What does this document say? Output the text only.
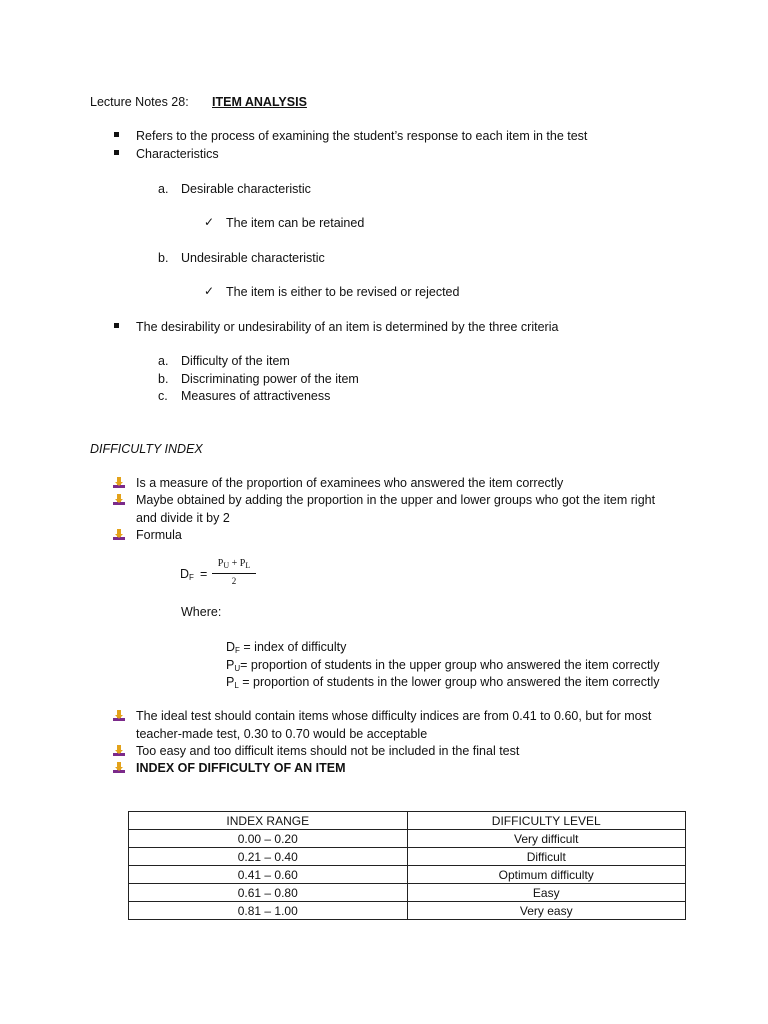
Lecture Notes 28: ITEM ANALYSIS
Refers to the process of examining the student’s response to each item in the test
Characteristics
a. Desirable characteristic
✓ The item can be retained
b. Undesirable characteristic
✓ The item is either to be revised or rejected
The desirability or undesirability of an item is determined by the three criteria
a. Difficulty of the item
b. Discriminating power of the item
c. Measures of attractiveness
DIFFICULTY INDEX
Is a measure of the proportion of examinees who answered the item correctly
Maybe obtained by adding the proportion in the upper and lower groups who got the item right
and divide it by 2
Formula
$D_F$ =
$P_U + P_L$
2
Where:
$D_F$ = index of difficulty
$P_U=$ proportion of students in the upper group who answered the item correctly
$P_L$ = proportion of students in the lower group who answered the item correctly
The ideal test should contain items whose difficulty indices are from 0.41 to 0.60, but for most
teacher-made test, 0.30 to 0.70 would be acceptable
Too easy and too difficult items should not be included in the final test
INDEX OF DIFFICULTY OF AN ITEM
INDEX RANGE	DIFFICULTY LEVEL
0.00 – 0.20	Very difficult
0.21 – 0.40	Difficult
0.41 – 0.60	Optimum difficulty
0.61 – 0.80	Easy
0.81 – 1.00	Very easy
